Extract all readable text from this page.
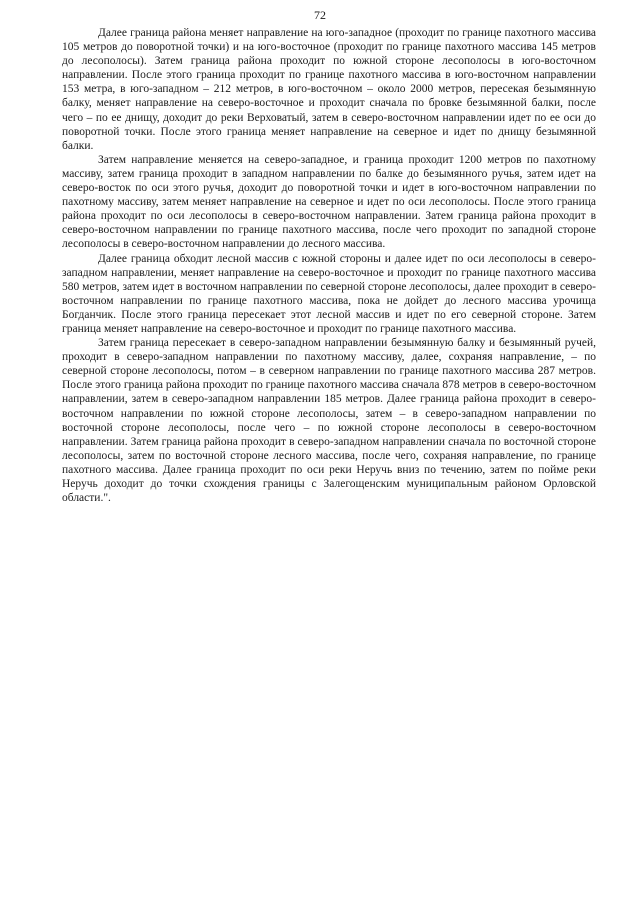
72

Далее граница района меняет направление на юго-западное (проходит по границе пахотного массива 105 метров до поворотной точки) и на юго-восточное (проходит по границе пахотного массива 145 метров до лесополосы). Затем граница района проходит по южной стороне лесополосы в юго-восточном направлении. После этого граница проходит по границе пахотного массива в юго-восточном направлении 153 метра, в юго-западном – 212 метров, в юго-восточном – около 2000 метров, пересекая безымянную балку, меняет направление на северо-восточное и проходит сначала по бровке безымянной балки, после чего – по ее днищу, доходит до реки Верховатый, затем в северо-восточном направлении идет по ее оси до поворотной точки. После этого граница меняет направление на северное и идет по днищу безымянной балки.

Затем направление меняется на северо-западное, и граница проходит 1200 метров по пахотному массиву, затем граница проходит в западном направлении по балке до безымянного ручья, затем идет на северо-восток по оси этого ручья, доходит до поворотной точки и идет в юго-восточном направлении по пахотному массиву, затем меняет направление на северное и идет по оси лесополосы. После этого граница района проходит по оси лесополосы в северо-восточном направлении. Затем граница района проходит в северо-восточном направлении по границе пахотного массива, после чего проходит по западной стороне лесополосы в северо-восточном направлении до лесного массива.

Далее граница обходит лесной массив с южной стороны и далее идет по оси лесополосы в северо-западном направлении, меняет направление на северо-восточное и проходит по границе пахотного массива 580 метров, затем идет в восточном направлении по северной стороне лесополосы, далее проходит в северо-восточном направлении по границе пахотного массива, пока не дойдет до лесного массива урочища Богданчик. После этого граница пересекает этот лесной массив и идет по его северной стороне. Затем граница меняет направление на северо-восточное и проходит по границе пахотного массива.

Затем граница пересекает в северо-западном направлении безымянную балку и безымянный ручей, проходит в северо-западном направлении по пахотному массиву, далее, сохраняя направление, – по северной стороне лесополосы, потом – в северном направлении по границе пахотного массива 287 метров. После этого граница района проходит по границе пахотного массива сначала 878 метров в северо-восточном направлении, затем в северо-западном направлении 185 метров. Далее граница района проходит в северо-восточном направлении по южной стороне лесополосы, затем – в северо-западном направлении по восточной стороне лесополосы, после чего – по южной стороне лесополосы в северо-восточном направлении. Затем граница района проходит в северо-западном направлении сначала по восточной стороне лесополосы, затем по восточной стороне лесного массива, после чего, сохраняя направление, по границе пахотного массива. Далее граница проходит по оси реки Неручь вниз по течению, затем по пойме реки Неручь доходит до точки схождения границы с Залегощенским муниципальным районом Орловской области.".
